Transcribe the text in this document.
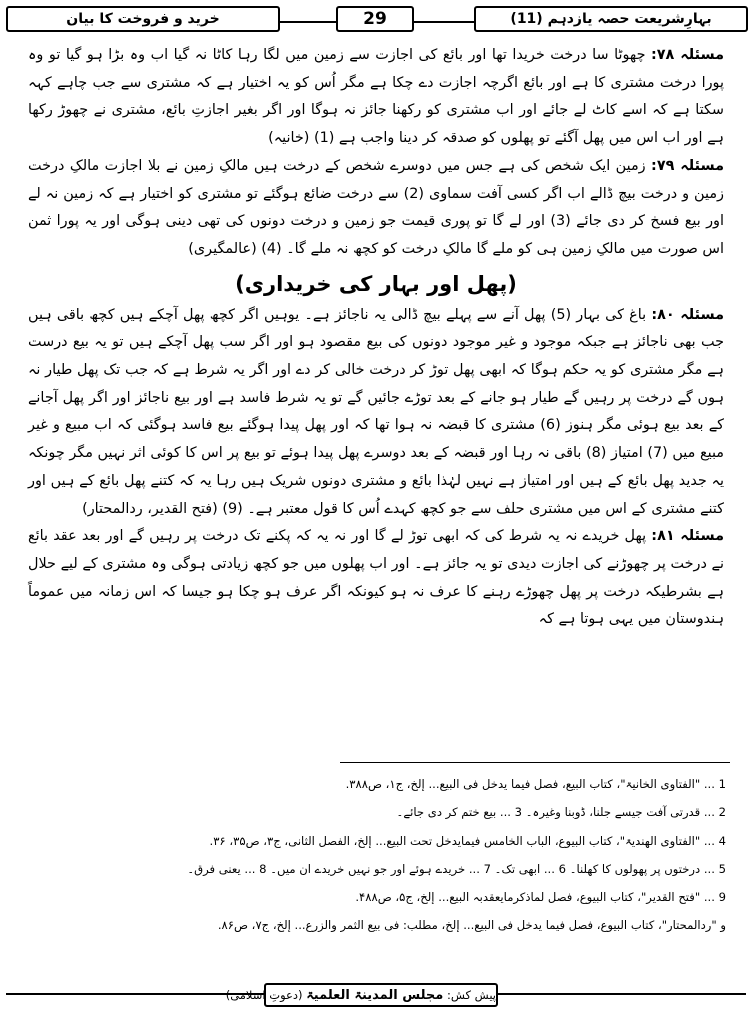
خرید و فروخت کا بیان	29	بہارِشریعت حصہ یازدہم (11)

مسئلہ ۷۸: چھوٹا سا درخت خریدا تھا اور بائع کی اجازت سے زمین میں لگا رہا کاٹا نہ گیا اب وہ بڑا ہو گیا تو وہ پورا درخت مشتری کا ہے اور بائع اگرچہ اجازت دے چکا ہے مگر اُس کو یہ اختیار ہے کہ مشتری سے جب چاہے کہہ سکتا ہے کہ اسے کاٹ لے جائے اور اب مشتری کو رکھنا جائز نہ ہوگا اور اگر بغیر اجازتِ بائع، مشتری نے چھوڑ رکھا ہے اور اب اس میں پھل آگئے تو پھلوں کو صدقہ کر دینا واجب ہے (1) (خانیہ)

مسئلہ ۷۹: زمین ایک شخص کی ہے جس میں دوسرے شخص کے درخت ہیں مالکِ زمین نے بلا اجازت مالکِ درخت زمین و درخت بیچ ڈالے اب اگر کسی آفت سماوی (2) سے درخت ضائع ہوگئے تو مشتری کو اختیار ہے کہ زمین نہ لے اور بیع فسخ کر دی جائے (3) اور لے گا تو پوری قیمت جو زمین و درخت دونوں کی تھی دینی ہوگی اور یہ پورا ثمن اس صورت میں مالکِ زمین ہی کو ملے گا مالکِ درخت کو کچھ نہ ملے گا۔ (4) (عالمگیری)

(پھل اور بہار کی خریداری)

مسئلہ ۸۰: باغ کی بہار (5) پھل آنے سے پہلے بیچ ڈالی یہ ناجائز ہے۔ یوہیں اگر کچھ پھل آچکے ہیں کچھ باقی ہیں جب بھی ناجائز ہے جبکہ موجود و غیر موجود دونوں کی بیع مقصود ہو اور اگر سب پھل آچکے ہیں تو یہ بیع درست ہے مگر مشتری کو یہ حکم ہوگا کہ ابھی پھل توڑ کر درخت خالی کر دے اور اگر یہ شرط ہے کہ جب تک پھل طیار نہ ہوں گے درخت پر رہیں گے طیار ہو جانے کے بعد توڑے جائیں گے تو یہ شرط فاسد ہے اور بیع ناجائز اور اگر پھل آجانے کے بعد بیع ہوئی مگر ہنوز (6) مشتری کا قبضہ نہ ہوا تھا کہ اور پھل پیدا ہوگئے بیع فاسد ہوگئی کہ اب مبیع و غیر مبیع میں (7) امتیاز (8) باقی نہ رہا اور قبضہ کے بعد دوسرے پھل پیدا ہوئے تو بیع پر اس کا کوئی اثر نہیں مگر چونکہ یہ جدید پھل بائع کے ہیں اور امتیاز ہے نہیں لہٰذا بائع و مشتری دونوں شریک ہیں رہا یہ کہ کتنے پھل بائع کے ہیں اور کتنے مشتری کے اس میں مشتری حلف سے جو کچھ کہدے اُس کا قول معتبر ہے۔ (9) (فتح القدیر، ردالمحتار)

مسئلہ ۸۱: پھل خریدے نہ یہ شرط کی کہ ابھی توڑ لے گا اور نہ یہ کہ پکنے تک درخت پر رہیں گے اور بعد عقد بائع نے درخت پر چھوڑنے کی اجازت دیدی تو یہ جائز ہے۔ اور اب پھلوں میں جو کچھ زیادتی ہوگی وہ مشتری کے لیے حلال ہے بشرطیکہ درخت پر پھل چھوڑے رہنے کا عرف نہ ہو کیونکہ اگر عرف ہو چکا ہو جیسا کہ اس زمانہ میں عموماً ہندوستان میں یہی ہوتا ہے کہ

1 ... "الفتاوی الخانیۃ"، کتاب البیع، فصل فیما یدخل فی البیع... إلخ، ج۱، ص۳۸۸.
2 ... قدرتی آفت جیسے جلنا، ڈوبنا وغیرہ۔ 3 ... بیع ختم کر دی جائے۔
4 ... "الفتاوی الھندیۃ"، کتاب البیوع، الباب الخامس فیمایدخل تحت البیع... إلخ، الفصل الثانی، ج۳، ص۳۵، ۳۶.
5 ... درختوں پر پھولوں کا کھلنا۔ 6 ... ابھی تک۔ 7 ... خریدے ہوئے اور جو نہیں خریدے ان میں۔ 8 ... یعنی فرق۔
9 ... "فتح القدیر"، کتاب البیوع، فصل لماذکرمایعقدبہ البیع... إلخ، ج۵، ص۴۸۸.
و "ردالمحتار"، کتاب البیوع، فصل فیما یدخل فی البیع... إلخ، مطلب: فی بیع الثمر والزرع... إلخ، ج۷، ص۸۶.
پیش کش: مجلس المدینۃ العلمیۃ (دعوتِ اسلامی)
